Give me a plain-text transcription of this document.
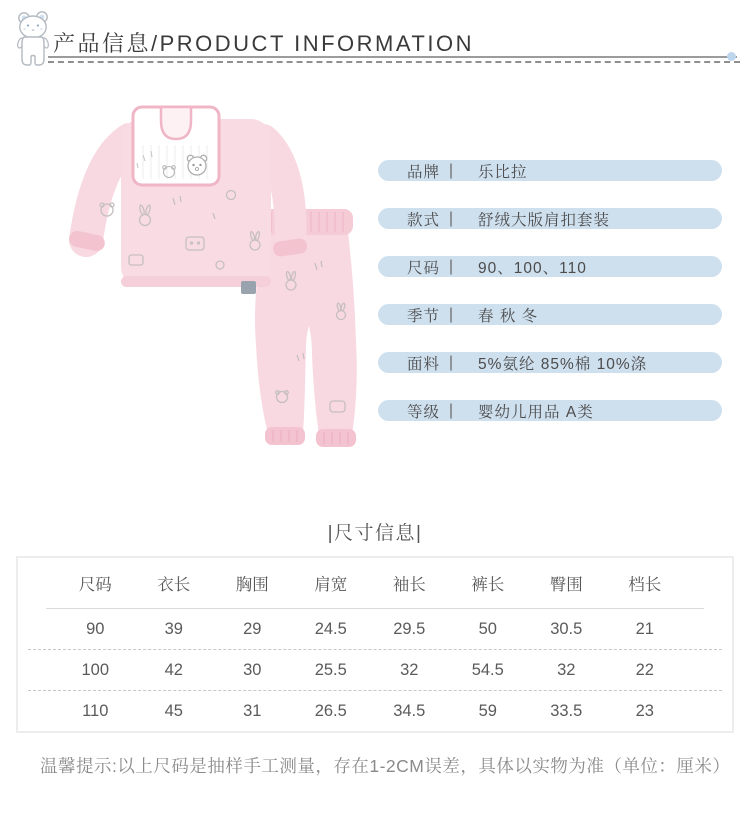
产品信息/PRODUCT INFORMATION
品牌 | 乐比拉
款式 | 舒绒大版肩扣套装
尺码 | 90、100、110
季节 | 春 秋 冬
面料 | 5%氨纶 85%棉 10%涤
等级 | 婴幼儿用品 A类
|尺寸信息|
尺码	衣长	胸围	肩宽	袖长	裤长	臀围	档长
90	39	29	24.5	29.5	50	30.5	21
100	42	30	25.5	32	54.5	32	22
110	45	31	26.5	34.5	59	33.5	23
温馨提示:以上尺码是抽样手工测量，存在1-2CM误差，具体以实物为准（单位：厘米）
